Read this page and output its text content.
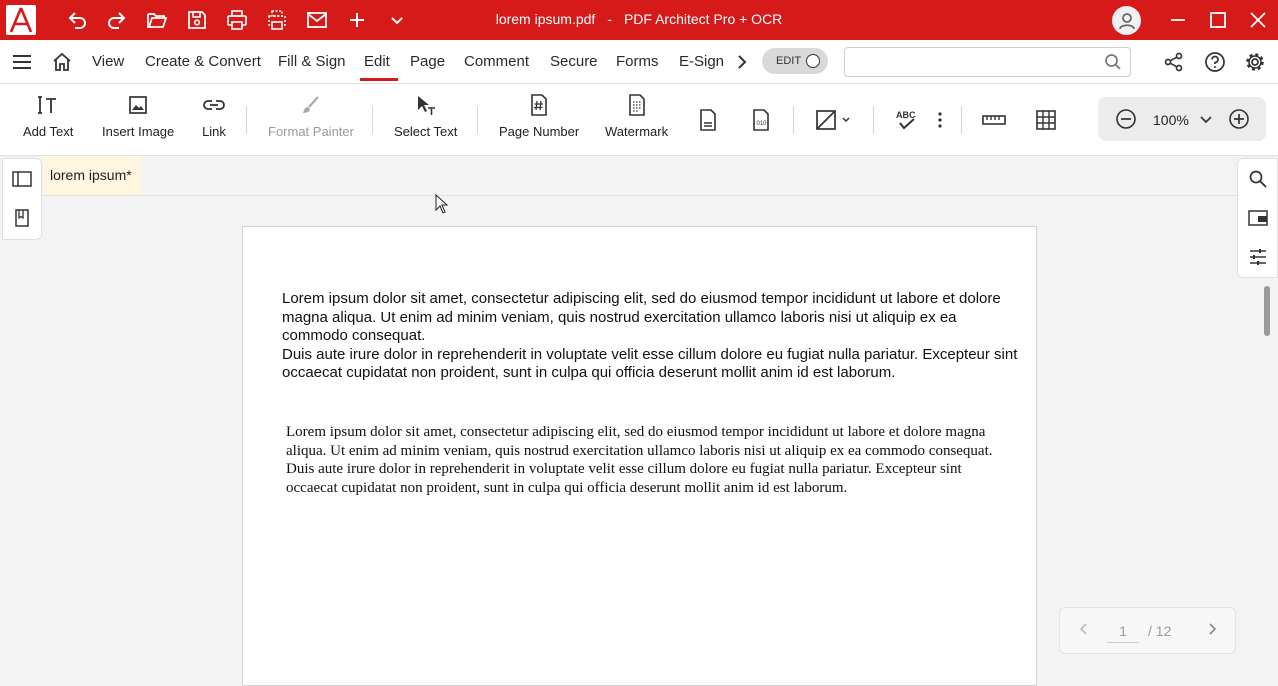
lorem ipsum.pdf - PDF Architect Pro + OCR
View Create & Convert Fill & Sign Edit Page Comment Secure Forms E-Sign	EDIT
Add Text Insert Image Link	Format Painter	Select Text	Page Number Watermark	010
ABC	100%
lorem ipsum*

Lorem ipsum dolor sit amet, consectetur adipiscing elit, sed do eiusmod tempor incididunt ut labore et dolore magna aliqua. Ut enim ad minim veniam, quis nostrud exercitation ullamco laboris nisi ut aliquip ex ea commodo consequat.

Duis aute irure dolor in reprehenderit in voluptate velit esse cillum dolore eu fugiat nulla pariatur. Excepteur sint occaecat cupidatat non proident, sunt in culpa qui officia deserunt mollit anim id est laborum.

Lorem ipsum dolor sit amet, consectetur adipiscing elit, sed do eiusmod tempor incididunt ut labore et dolore magna aliqua. Ut enim ad minim veniam, quis nostrud exercitation ullamco laboris nisi ut aliquip ex ea commodo consequat. Duis aute irure dolor in reprehenderit in voluptate velit esse cillum dolore eu fugiat nulla pariatur. Excepteur sint occaecat cupidatat non proident, sunt in culpa qui officia deserunt mollit anim id est laborum.
1	/ 12
